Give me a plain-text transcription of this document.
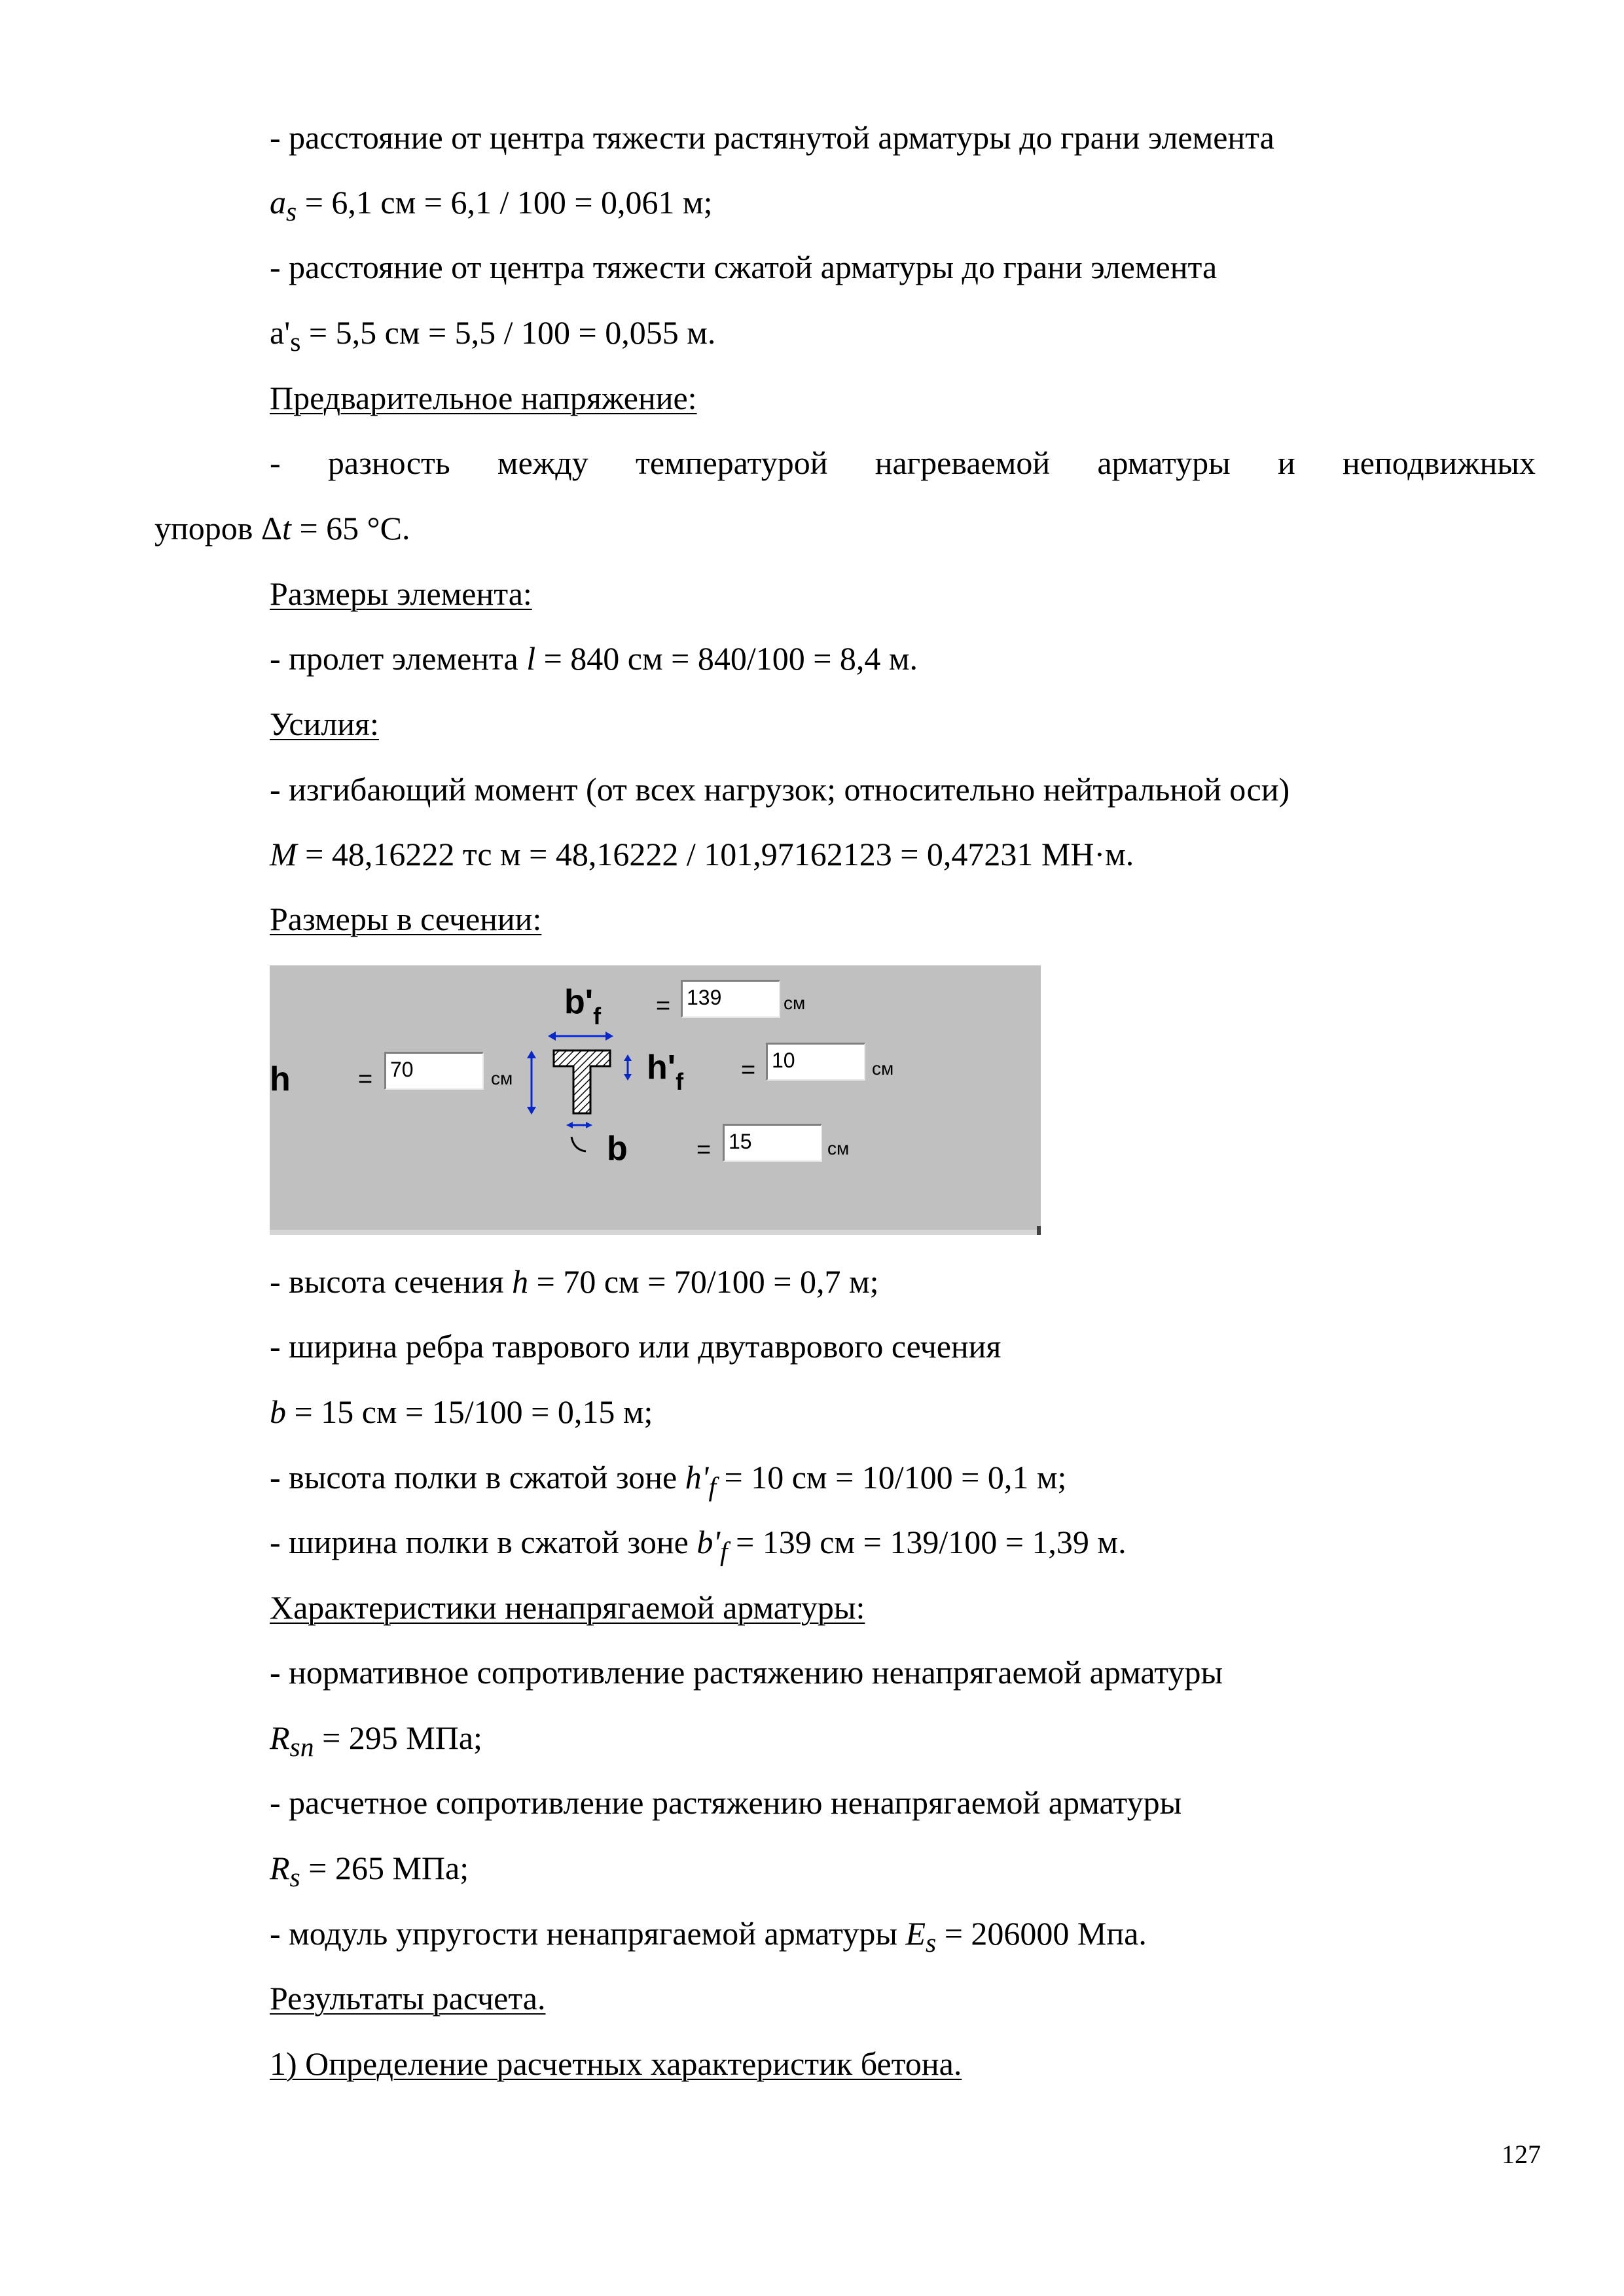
- расстояние от центра тяжести растянутой арматуры до грани элемента
$a_s = 6,1$ см = 6,1 / 100 = 0,061 м;
- расстояние от центра тяжести сжатой арматуры до грани элемента
$a'_s = 5,5$ см = 5,5 / 100 = 0,055 м.
Предварительное напряжение:
- разность между температурой нагреваемой арматуры и неподвижных
упоров Δt = 65 °С.
Размеры элемента:
- пролет элемента l = 840 см = 840/100 = 8,4 м.
Усилия:
- изгибающий момент (от всех нагрузок; относительно нейтральной оси)
M = 48,16222 тс м = 48,16222 / 101,97162123 = 0,47231 МН·м.
Размеры в сечении:
h	= 70	см
$b'_f = 139$	см
$h'_f = 10$	см
b	= 15	см
- высота сечения h = 70 см = 70/100 = 0,7 м;
- ширина ребра таврового или двутаврового сечения
b = 15 см = 15/100 = 0,15 м;
- высота полки в сжатой зоне $h'_f = 10$ см = 10/100 = 0,1 м;
- ширина полки в сжатой зоне $b'_f = 139$ см = 139/100 = 1,39 м.
Характеристики ненапрягаемой арматуры:
- нормативное сопротивление растяжению ненапрягаемой арматуры
$R_{sn} = 295$ МПа;
- расчетное сопротивление растяжению ненапрягаемой арматуры
$R_s = 265$ МПа;
- модуль упругости ненапрягаемой арматуры $E_s = 206000$ Мпа.
Результаты расчета.
1) Определение расчетных характеристик бетона.
127
